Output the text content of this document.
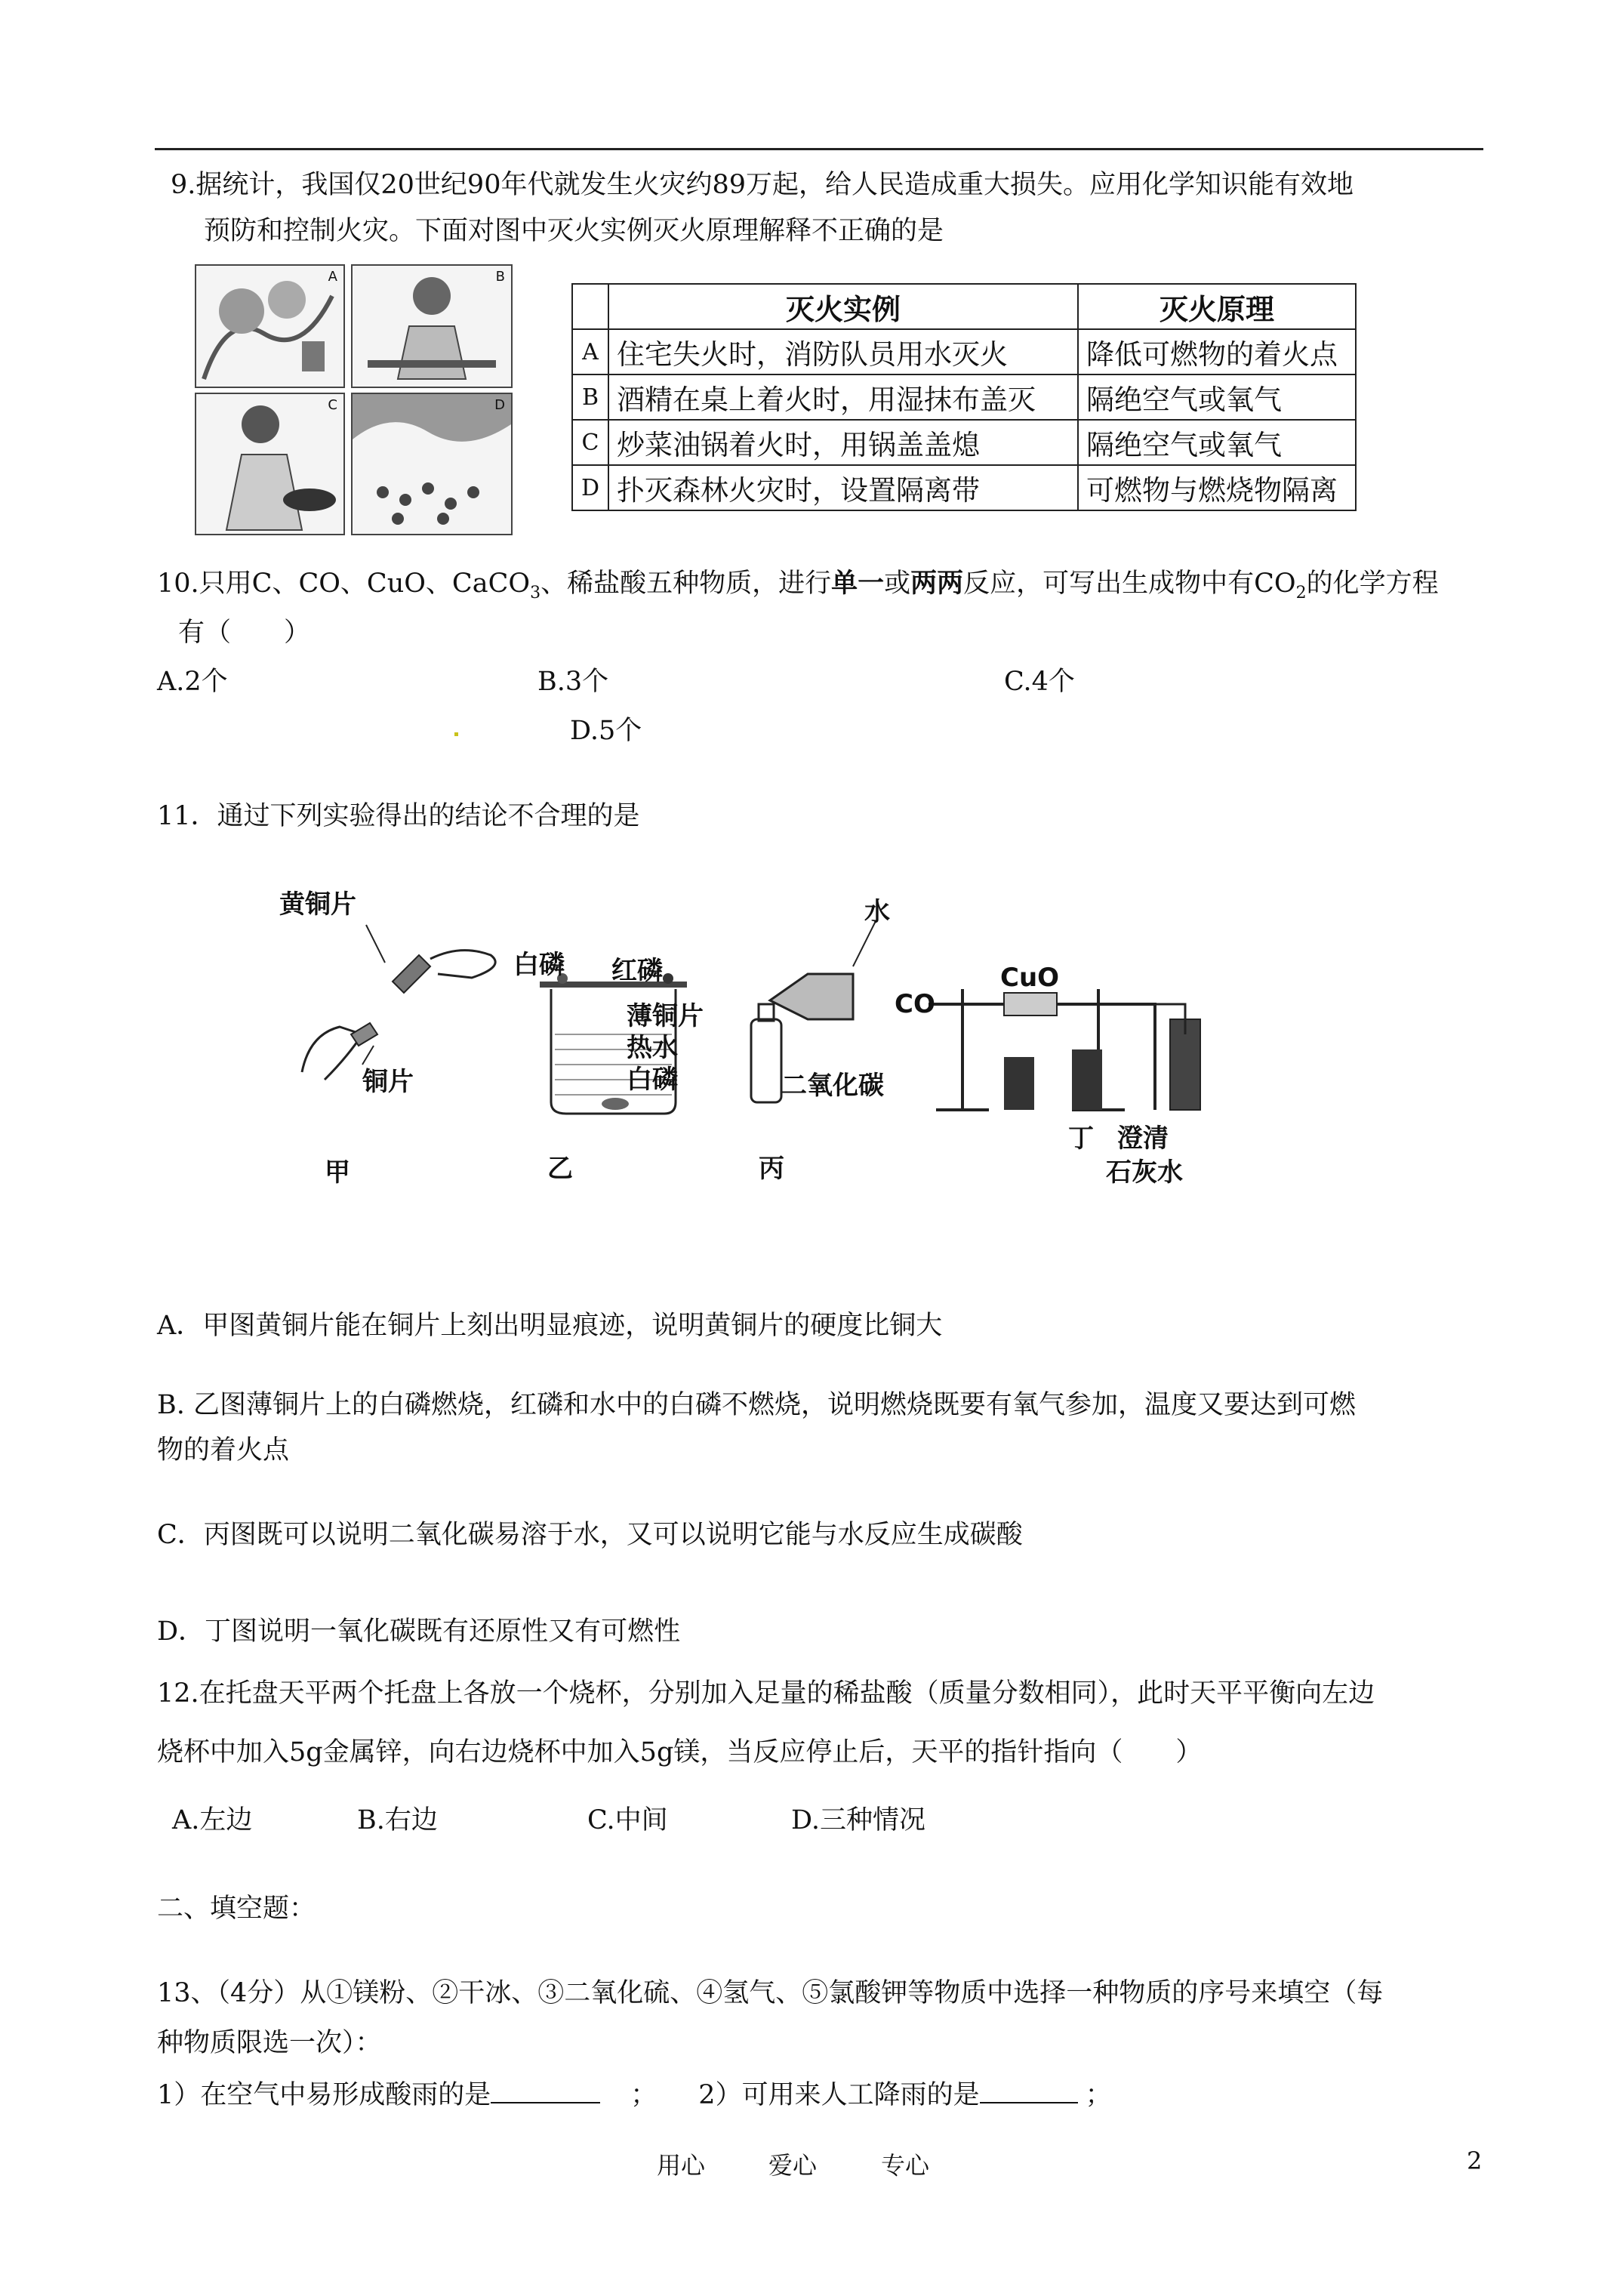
9.据统计，我国仅20世纪90年代就发生火灾约89万起，给人民造成重大损失。应用化学知识能有效地
预防和控制火灾。下面对图中灭火实例灭火原理解释不正确的是
A	B
C	D
	灭火实例	灭火原理
A	住宅失火时，消防队员用水灭火	降低可燃物的着火点
B	酒精在桌上着火时，用湿抹布盖灭	隔绝空气或氧气
C	炒菜油锅着火时，用锅盖盖熄	隔绝空气或氧气
D	扑灭森林火灾时，设置隔离带	可燃物与燃烧物隔离
10.只用C、CO、CuO、CaCO$_3$、稀盐酸五种物质，进行单一或两两反应，可写出生成物中有$CO_2$的化学方程
有（　　）
A.2个	B.3个	C.4个
D.5个
11．通过下列实验得出的结论不合理的是
黄铜片
铜片
甲
白磷 红磷
薄铜片
热水
白磷
乙
水
二氧化碳
丙
CO
CuO
澄清
石灰水
丁
A．甲图黄铜片能在铜片上刻出明显痕迹，说明黄铜片的硬度比铜大
B. 乙图薄铜片上的白磷燃烧，红磷和水中的白磷不燃烧，说明燃烧既要有氧气参加，温度又要达到可燃
物的着火点
C．丙图既可以说明二氧化碳易溶于水，又可以说明它能与水反应生成碳酸
D．丁图说明一氧化碳既有还原性又有可燃性
12.在托盘天平两个托盘上各放一个烧杯，分别加入足量的稀盐酸（质量分数相同），此时天平平衡向左边
烧杯中加入5g金属锌，向右边烧杯中加入5g镁，当反应停止后，天平的指针指向（　　）
A.左边	B.右边	C.中间	D.三种情况
二、填空题：
13、（4分）从①镁粉、②干冰、③二氧化硫、④氢气、⑤氯酸钾等物质中选择一种物质的序号来填空（每
种物质限选一次）：
1）在空气中易形成酸雨的是	； 2）可用来人工降雨的是	；
用心	爱心	专心	2
